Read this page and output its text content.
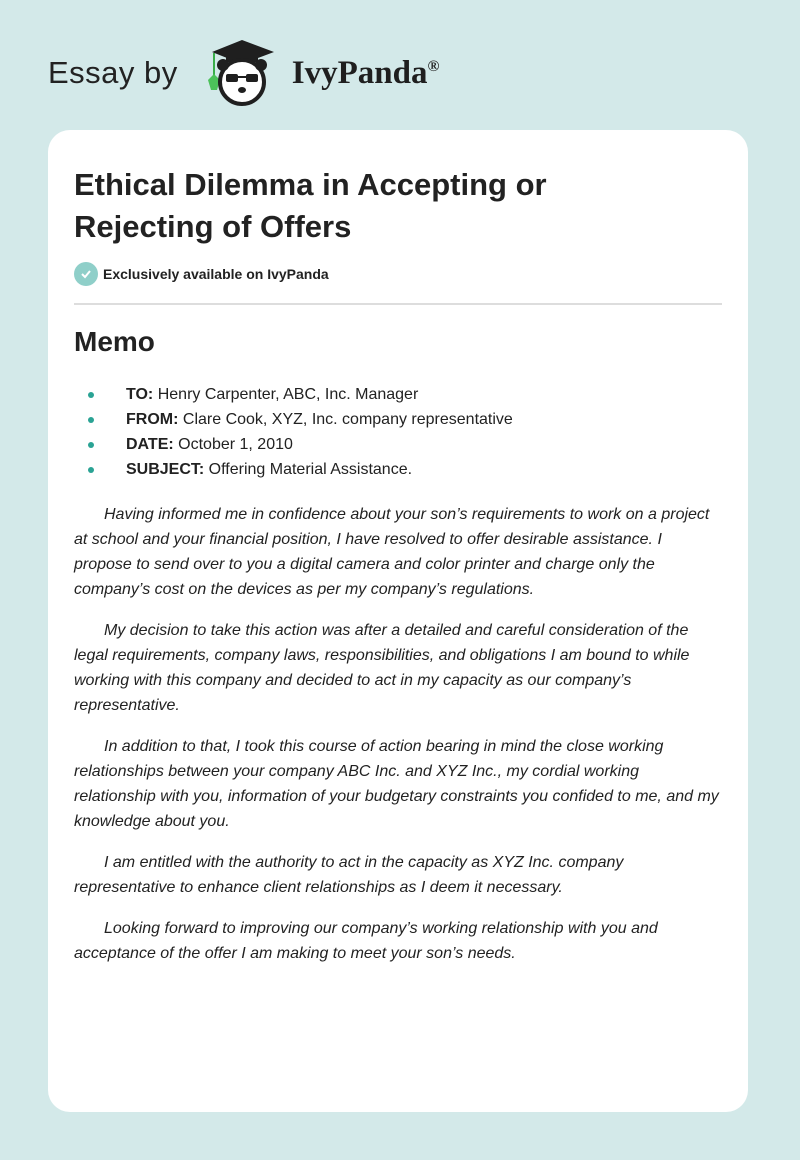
Essay by	IvyPanda®
Ethical Dilemma in Accepting or Rejecting of Offers
Exclusively available on IvyPanda
Memo
TO: Henry Carpenter, ABC, Inc. Manager
FROM: Clare Cook, XYZ, Inc. company representative
DATE: October 1, 2010
SUBJECT: Offering Material Assistance.

Having informed me in confidence about your son’s requirements to work on a project at school and your financial position, I have resolved to offer desirable assistance. I propose to send over to you a digital camera and color printer and charge only the company’s cost on the devices as per my company’s regulations.

My decision to take this action was after a detailed and careful consideration of the legal requirements, company laws, responsibilities, and obligations I am bound to while working with this company and decided to act in my capacity as our company’s representative.

In addition to that, I took this course of action bearing in mind the close working relationships between your company ABC Inc. and XYZ Inc., my cordial working relationship with you, information of your budgetary constraints you confided to me, and my knowledge about you.

I am entitled with the authority to act in the capacity as XYZ Inc. company representative to enhance client relationships as I deem it necessary.

Looking forward to improving our company’s working relationship with you and acceptance of the offer I am making to meet your son’s needs.
